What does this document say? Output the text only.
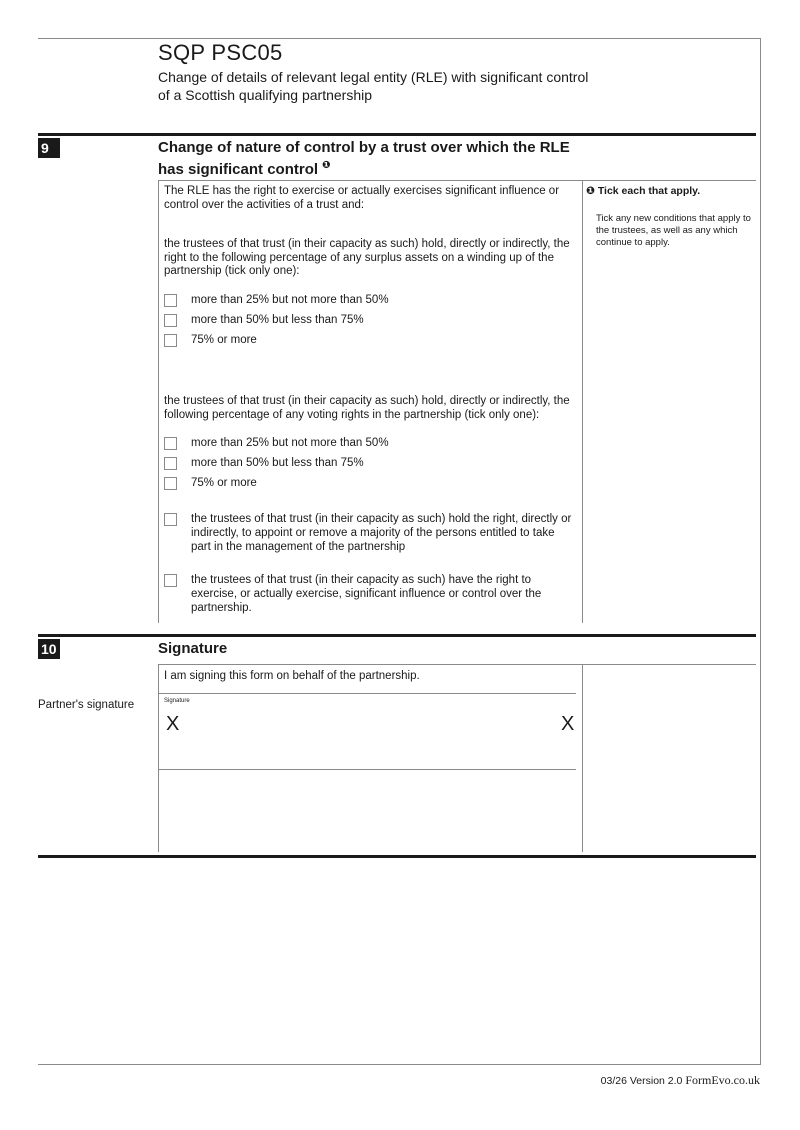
SQP PSC05
Change of details of relevant legal entity (RLE) with significant control
of a Scottish qualifying partnership
9	Change of nature of control by a trust over which the RLE
has significant control $^❶$
The RLE has the right to exercise or actually exercises significant influence or control over the activities of a trust and:
the trustees of that trust (in their capacity as such) hold, directly or indirectly, the right to the following percentage of any surplus assets on a winding up of the partnership (tick only one):
more than 25% but not more than 50%
more than 50% but less than 75%
75% or more
the trustees of that trust (in their capacity as such) hold, directly or indirectly, the following percentage of any voting rights in the partnership (tick only one):
more than 25% but not more than 50%
more than 50% but less than 75%
75% or more
the trustees of that trust (in their capacity as such) hold the right, directly or indirectly, to appoint or remove a majority of the persons entitled to take part in the management of the partnership
the trustees of that trust (in their capacity as such) have the right to exercise, or actually exercise, significant influence or control over the partnership.
❶ Tick each that apply.
Tick any new conditions that apply to the trustees, as well as any which continue to apply.
10	Signature
I am signing this form on behalf of the partnership.
Partner's signature	Signature
X	X
03/26 Version 2.0 FormEvo.co.uk
